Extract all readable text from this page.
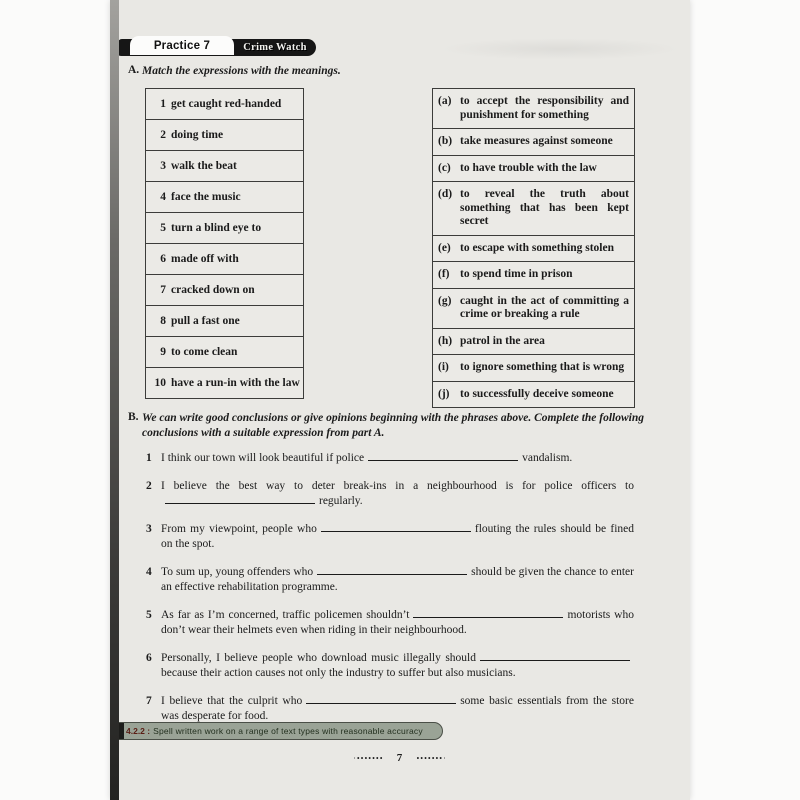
Practice 7	Crime Watch
A. Match the expressions with the meanings.
1 get caught red-handed
2 doing time
3 walk the beat
4 face the music
5 turn a blind eye to
6 made off with
7 cracked down on
8 pull a fast one
9 to come clean
10 have a run-in with the law
(a) to accept the responsibility and punishment for something
(b) take measures against someone
(c) to have trouble with the law
(d) to reveal the truth about something that has been kept secret
(e) to escape with something stolen
(f) to spend time in prison
(g) caught in the act of committing a crime or breaking a rule
(h) patrol in the area
(i) to ignore something that is wrong
(j) to successfully deceive someone
B. We can write good conclusions or give opinions beginning with the phrases above. Complete the following conclusions with a suitable expression from part A.
1 I think our town will look beautiful if police	vandalism.
2 I believe the best way to deter break-ins in a neighbourhood is for police officers toregularly.
3 From my viewpoint, people who	flouting the rules should be fined on the spot.
4 To sum up, young offenders who	should be given the chance to enter an effective rehabilitation programme.
5 As far as I’m concerned, traffic policemen shouldn’t	motorists who don’t wear their helmets even when riding in their neighbourhood.
6 Personally, I believe people who download music illegally shouldbecause their action causes not only the industry to suffer but also musicians.
7 I believe that the culprit who	some basic essentials from the store was desperate for food.
4.2.2 : Spell written work on a range of text types with reasonable accuracy
·••••••• 7 •••••••·
